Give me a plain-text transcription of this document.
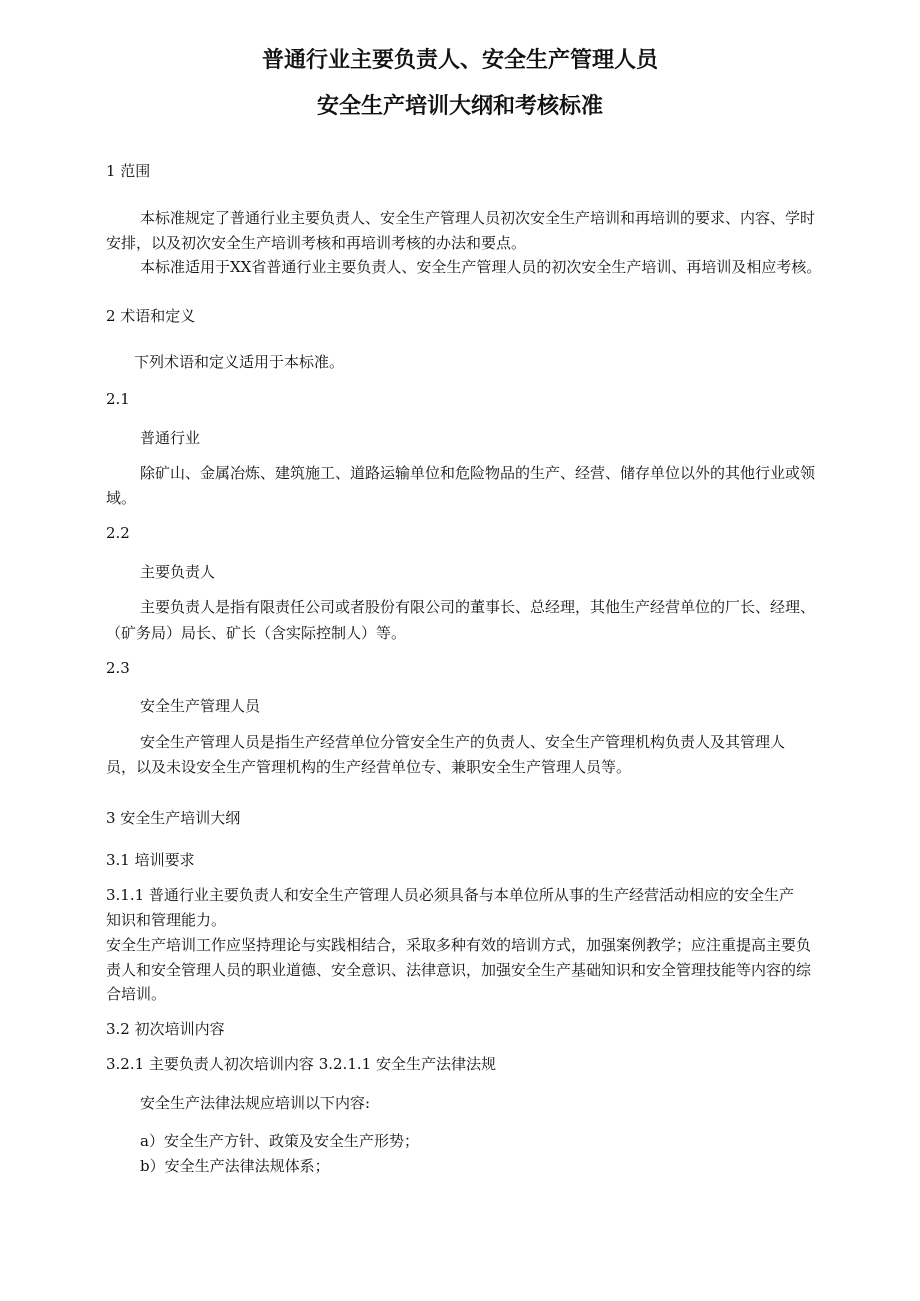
普通行业主要负责人、安全生产管理人员
安全生产培训大纲和考核标准
1 范围
本标准规定了普通行业主要负责人、安全生产管理人员初次安全生产培训和再培训的要求、内容、学时
安排，以及初次安全生产培训考核和再培训考核的办法和要点。
本标准适用于XX省普通行业主要负责人、安全生产管理人员的初次安全生产培训、再培训及相应考核。
2 术语和定义
下列术语和定义适用于本标准。
2.1
普通行业
除矿山、金属冶炼、建筑施工、道路运输单位和危险物品的生产、经营、储存单位以外的其他行业或领
域。
2.2
主要负责人
主要负责人是指有限责任公司或者股份有限公司的董事长、总经理，其他生产经营单位的厂长、经理、
（矿务局）局长、矿长（含实际控制人）等。
2.3
安全生产管理人员
安全生产管理人员是指生产经营单位分管安全生产的负责人、安全生产管理机构负责人及其管理人
员，以及未设安全生产管理机构的生产经营单位专、兼职安全生产管理人员等。
3 安全生产培训大纲
3.1 培训要求
3.1.1 普通行业主要负责人和安全生产管理人员必须具备与本单位所从事的生产经营活动相应的安全生产
知识和管理能力。
安全生产培训工作应坚持理论与实践相结合，采取多种有效的培训方式，加强案例教学；应注重提高主要负
责人和安全管理人员的职业道德、安全意识、法律意识，加强安全生产基础知识和安全管理技能等内容的综
合培训。
3.2 初次培训内容
3.2.1 主要负责人初次培训内容 3.2.1.1 安全生产法律法规
安全生产法律法规应培训以下内容:
a）安全生产方针、政策及安全生产形势；
b）安全生产法律法规体系；
